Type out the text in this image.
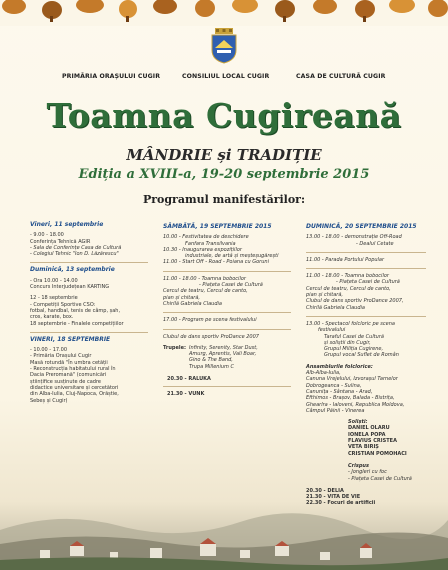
PRIMĂRIA ORAȘULUI CUGIR	CONSILIUL LOCAL CUGIR	CASA DE CULTURĂ CUGIR
Toamna Cugireană
MÂNDRIE și TRADIȚIE
Ediția a XVIII-a, 19-20 septembrie 2015
Programul manifestărilor:
Vineri, 11 septembrie
- 9.00 - 18.00
Conferința Tehnică AGIR
- Sala de Conferințe Casa de Cultură
- Colegiul Tehnic "Ion D. Lăzărescu"
Duminică, 13 septembrie
- Ora 10.00 - 14.00
Concurs Interjudețean KARTING
12 - 18 septembrie
- Competiții Sportive CSO:
fotbal, handbal, tenis de câmp, șah,
cros, karate, box.
18 septembrie - Finalele competițiilor
VINERI, 18 SEPTEMBRIE
- 10.00 - 17.00
- Primăria Orașului Cugir
Masă rotundă "În umbra cetății
- Reconstrucția habitatului rural în
Dacia Preromană" (comunicări
științifice susținute de cadre
didactice universitare și cercetători
din Alba-Iulia, Cluj-Napoca, Orăștie,
Sebeș și Cugir)
SÂMBĂTĂ, 19 SEPTEMBRIE 2015
10.00 - Festivitatea de deschidere
Fanfara Transilvania
10.30 - Inaugurarea expozițiilor
industriale, de artă și meșteșugărești
11.00 - Start Off - Road - Poiana cu Goruni
11.00 - 18.00 - Toamna bobocilor
- Piațeta Casei de Cultură
Cercul de teatru, Cercul de canto,
pian și chitară,
Chirilă Gabriela Claudia
17.00 - Program pe scena festivalului
Clubul de dans sportiv ProDance 2007
Trupele: Infinity, Serenity, Star Dust,
Amurg, Aprentis, Vali Boar,
Gino & The Band,
Trupa Millenium C
20.30 - RALUKA
21.30 - VUNK
DUMINICĂ, 20 SEPTEMBRIE 2015
13.00 - 18.00 - demonstrație Off-Road
- Dealul Cetate
11.00 - Parada Portului Popular
11.00 - 18.00 - Toamna bobocilor
- Piațeta Casei de Cultură
Cercul de teatru, Cercul de canto,
pian și chitară,
Clubul de dans sportiv ProDance 2007,
Chirilă Gabriela Claudia
13.00 - Spectacol folcloric pe scena
festivalului
Taraful Casei de Cultură
și soliștii din Cugir,
Grupul Miliția Cugirene,
Grupul vocal Suflet de Român
Ansamblurile folclorice:
Alb-Alba-Iulia,
Canuna Vrejelului, Izvorașul Tarnelor
Dobrogeanca - Sulina,
Canunița - Sântana - Arad,
Efthimos - Brașov, Balada - Bistrița,
Ghearlra - Ialoveni, Republica Moldova,
Câmpul Păinii - Vinerea
Soliști:
DANIEL OLARU
IONELA POPA
FLAVIUS CRISTEA
VETA BIRIȘ
CRISTIAN POMOHACI
Crispus
- Jongleri cu foc
- Piațeta Casei de Cultură
20.30 - DELIA
21.30 - VITA DE VIE
22.30 - Focuri de artificii
